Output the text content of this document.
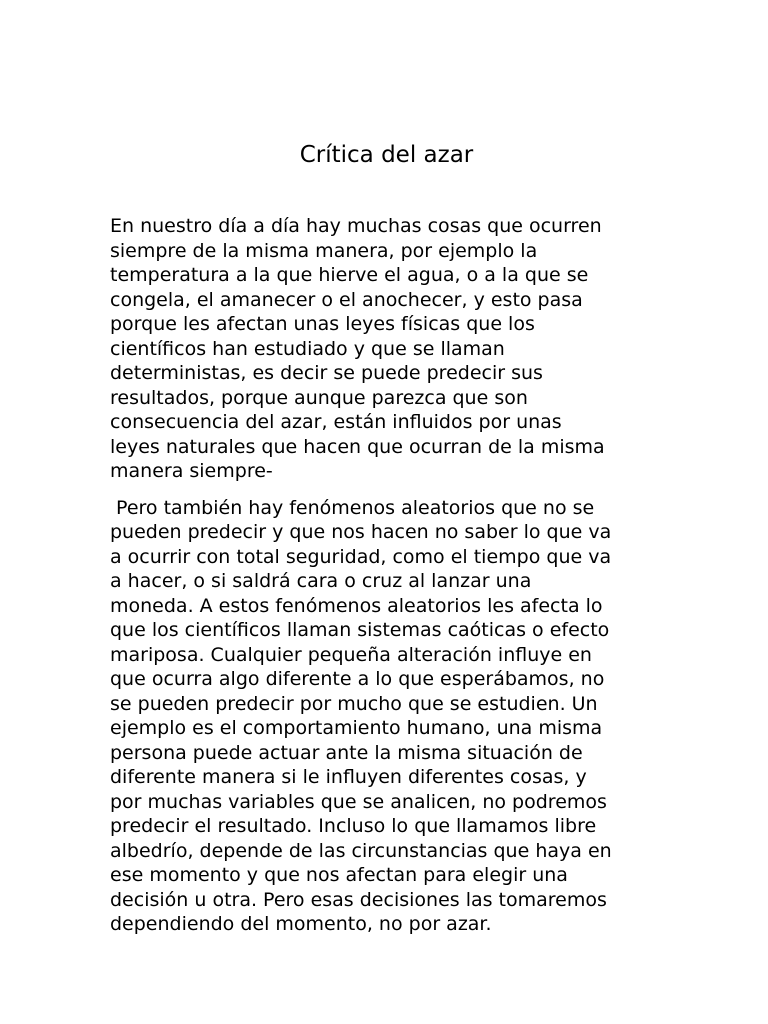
Crítica del azar

En nuestro día a día hay muchas cosas que ocurren
siempre de la misma manera, por ejemplo la
temperatura a la que hierve el agua, o a la que se
congela, el amanecer o el anochecer, y esto pasa
porque les afectan unas leyes físicas que los
científicos han estudiado y que se llaman
deterministas, es decir se puede predecir sus
resultados, porque aunque parezca que son
consecuencia del azar, están influidos por unas
leyes naturales que hacen que ocurran de la misma
manera siempre-

Pero también hay fenómenos aleatorios que no se
pueden predecir y que nos hacen no saber lo que va
a ocurrir con total seguridad, como el tiempo que va
a hacer, o si saldrá cara o cruz al lanzar una
moneda. A estos fenómenos aleatorios les afecta lo
que los científicos llaman sistemas caóticas o efecto
mariposa. Cualquier pequeña alteración influye en
que ocurra algo diferente a lo que esperábamos, no
se pueden predecir por mucho que se estudien. Un
ejemplo es el comportamiento humano, una misma
persona puede actuar ante la misma situación de
diferente manera si le influyen diferentes cosas, y
por muchas variables que se analicen, no podremos
predecir el resultado. Incluso lo que llamamos libre
albedrío, depende de las circunstancias que haya en
ese momento y que nos afectan para elegir una
decisión u otra. Pero esas decisiones las tomaremos
dependiendo del momento, no por azar.
